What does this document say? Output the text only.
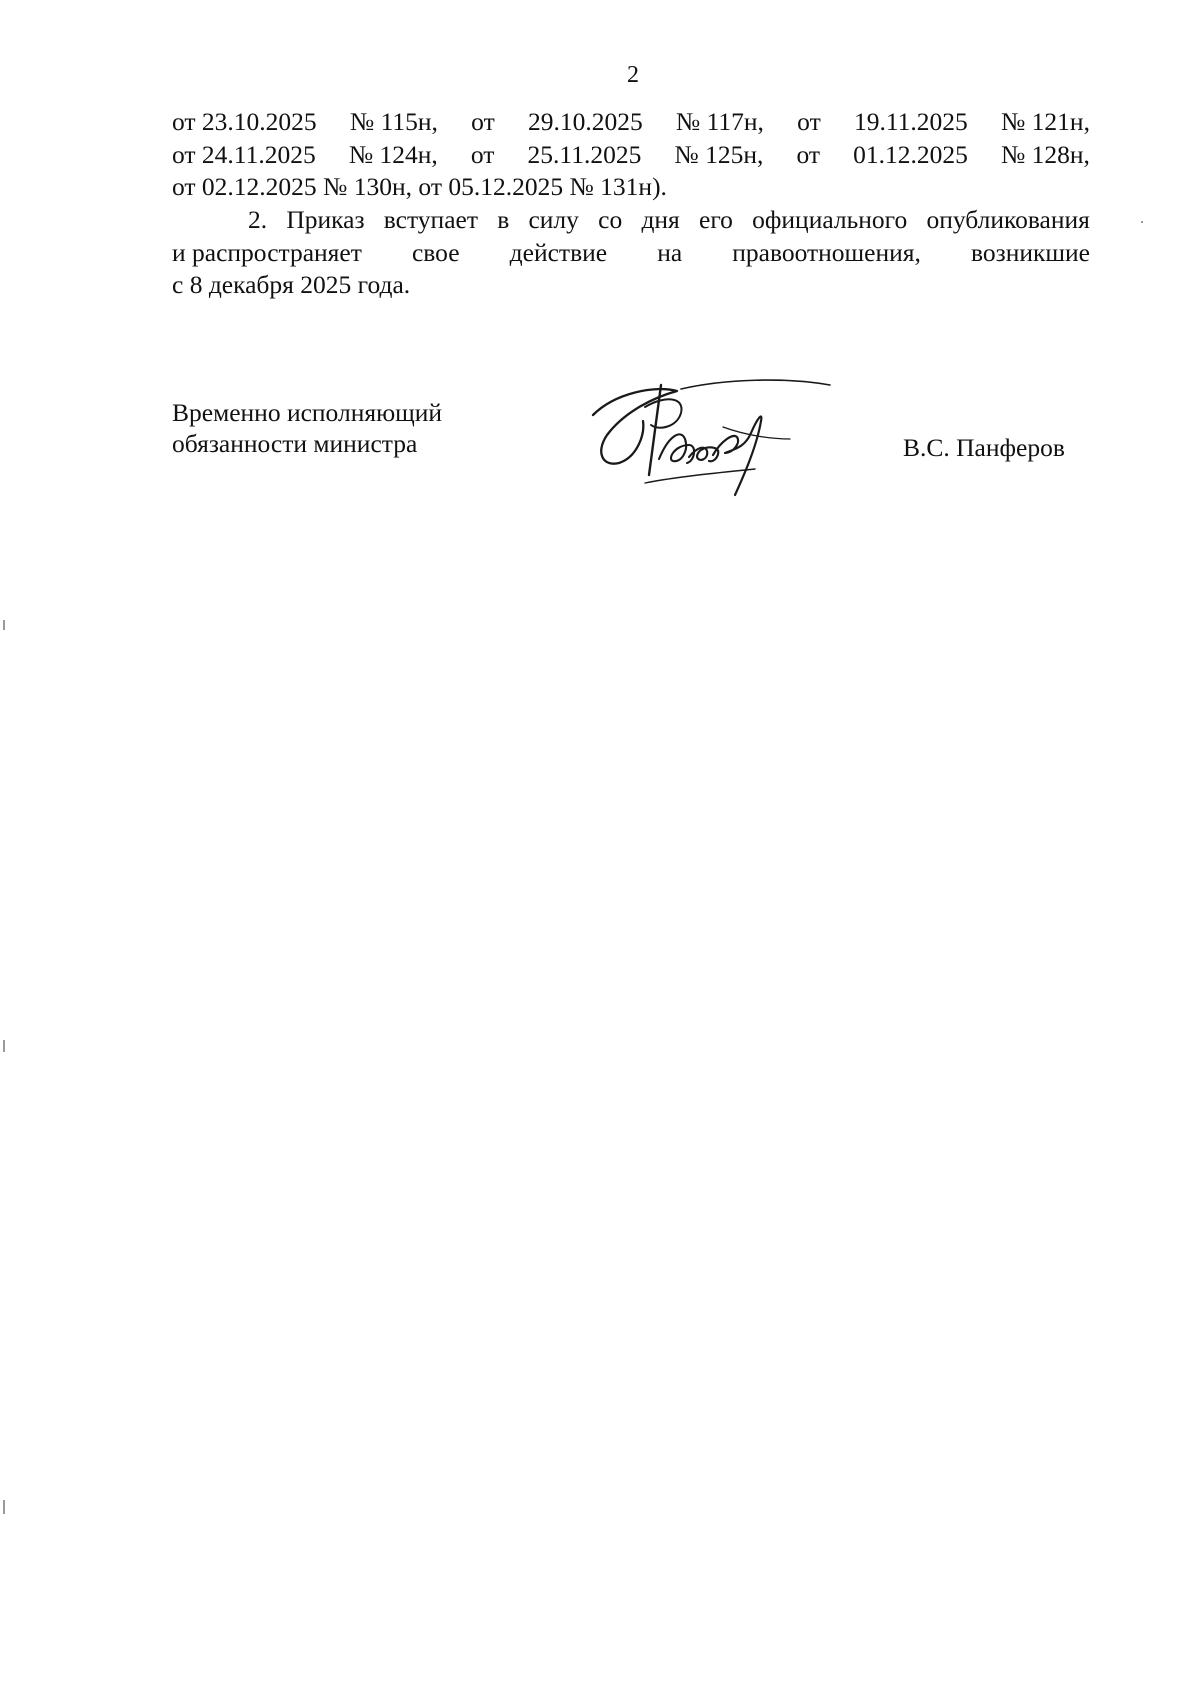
2
от 23.10.2025 № 115н, от 29.10.2025 № 117н, от 19.11.2025 № 121н,
от 24.11.2025 № 124н, от 25.11.2025 № 125н, от 01.12.2025 № 128н,
от 02.12.2025 № 130н, от 05.12.2025 № 131н).
2. Приказ вступает в силу со дня его официального опубликования
и распространяет свое действие на правоотношения, возникшие
с 8 декабря 2025 года.
Временно исполняющий
обязанности министра	В.С. Панферов
